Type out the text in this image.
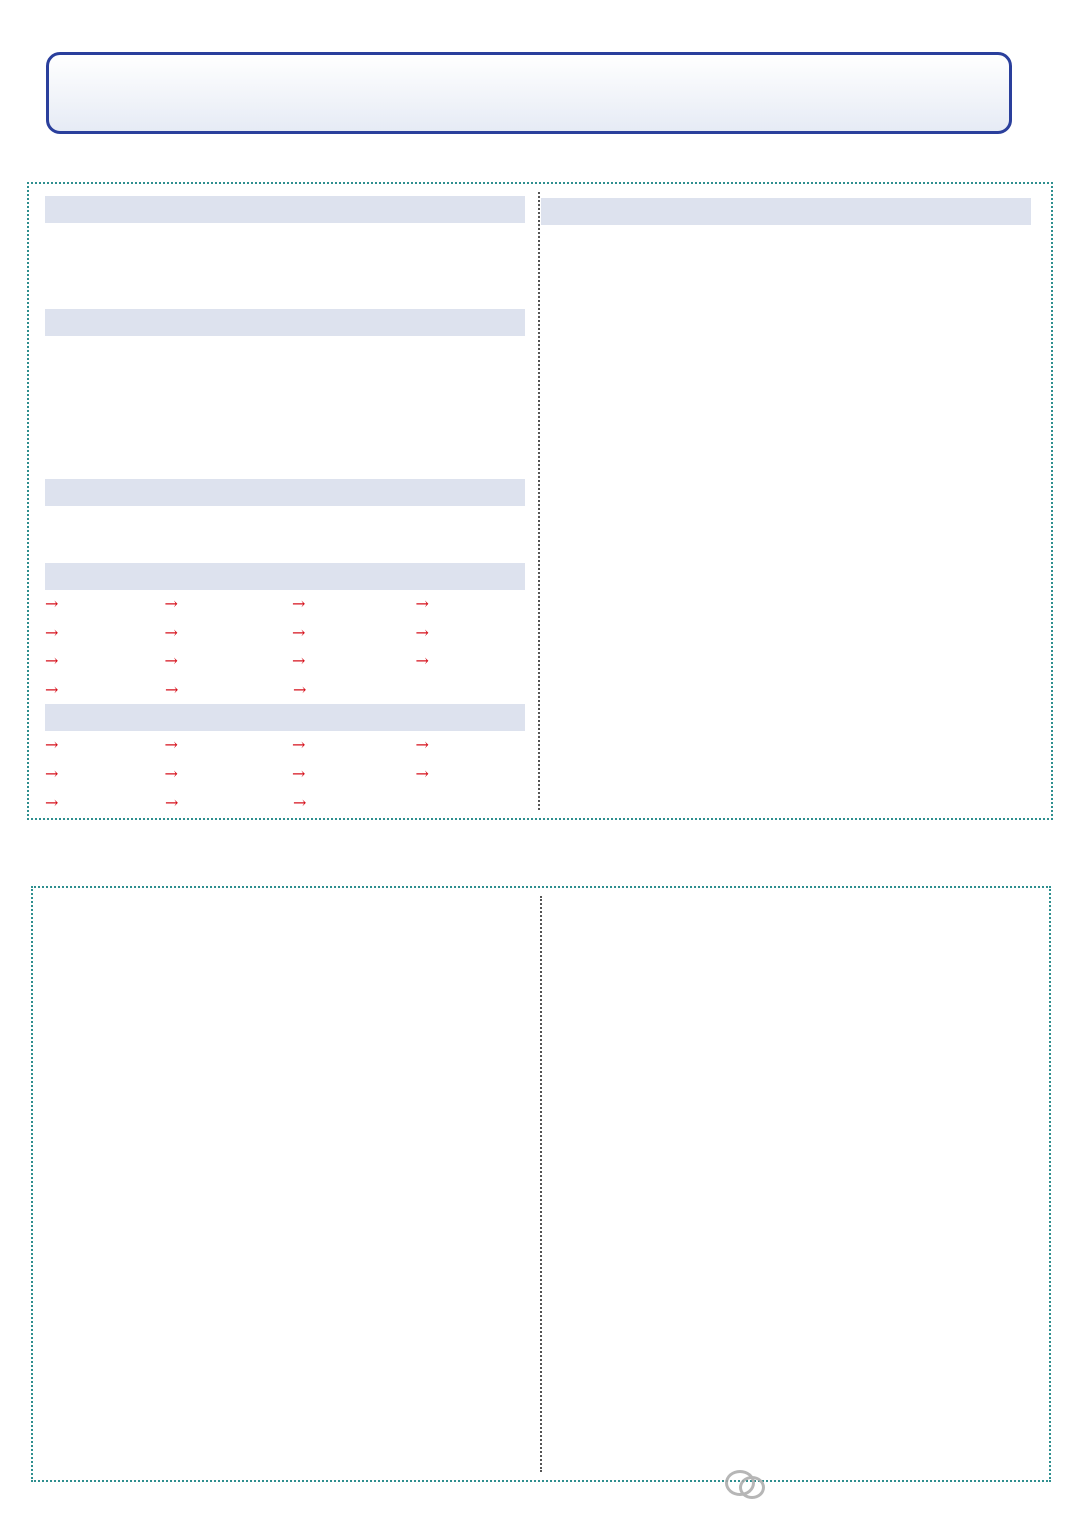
→	→	→	→
→	→	→	→
→	→	→	→
→	→	→
→	→	→	→
→	→	→	→
→	→	→
